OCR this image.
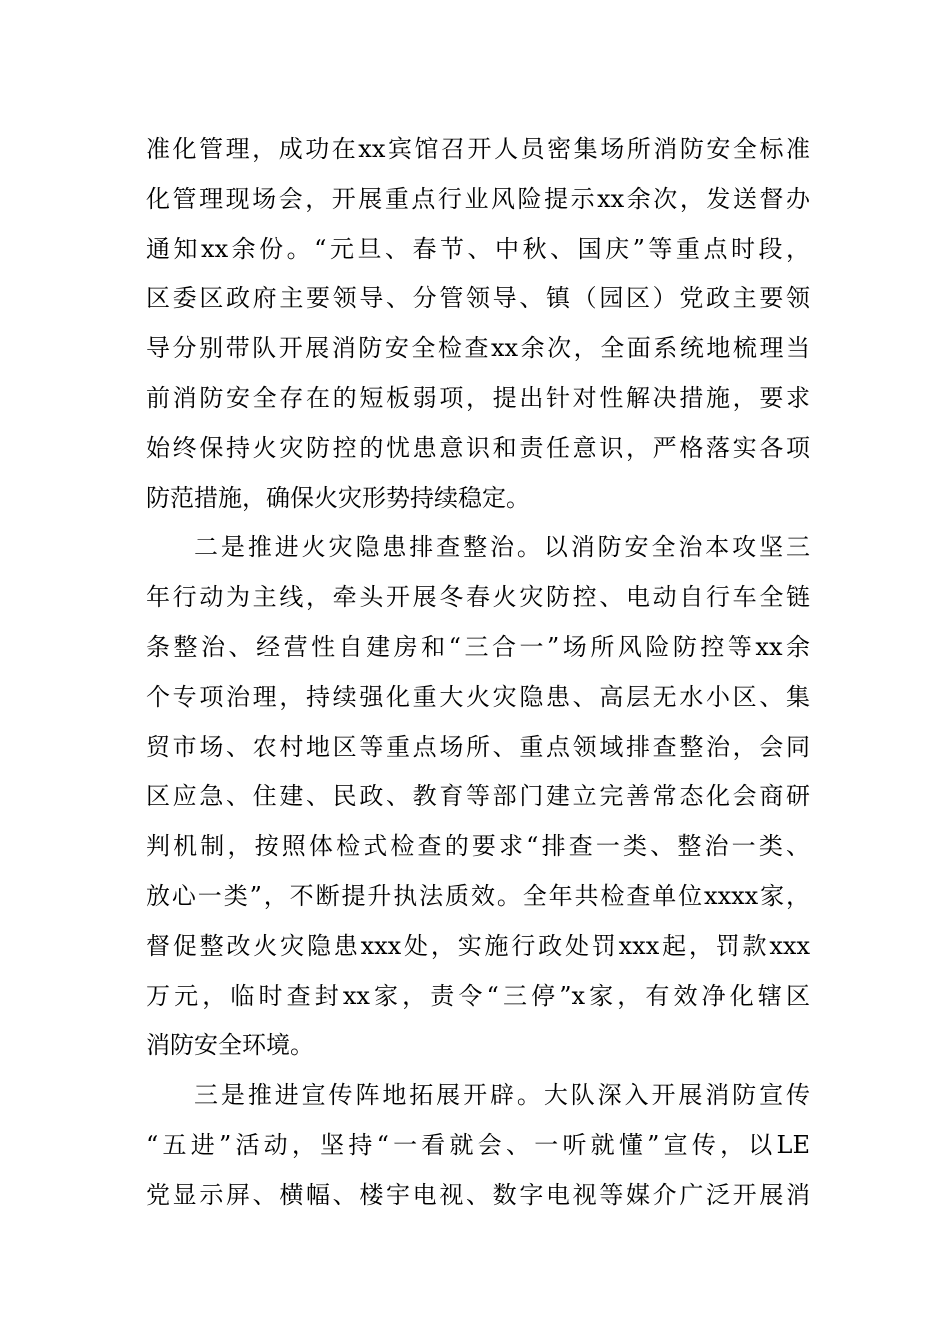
准化管理，成功在xx宾馆召开人员密集场所消防安全标准
化管理现场会，开展重点行业风险提示xx余次，发送督办
通知xx余份。“元旦、春节、中秋、国庆”等重点时段，
区委区政府主要领导、分管领导、镇（园区）党政主要领
导分别带队开展消防安全检查xx余次，全面系统地梳理当
前消防安全存在的短板弱项，提出针对性解决措施，要求
始终保持火灾防控的忧患意识和责任意识，严格落实各项
防范措施，确保火灾形势持续稳定。
二是推进火灾隐患排查整治。以消防安全治本攻坚三
年行动为主线，牵头开展冬春火灾防控、电动自行车全链
条整治、经营性自建房和“三合一”场所风险防控等xx余
个专项治理，持续强化重大火灾隐患、高层无水小区、集
贸市场、农村地区等重点场所、重点领域排查整治，会同
区应急、住建、民政、教育等部门建立完善常态化会商研
判机制，按照体检式检查的要求“排查一类、整治一类、
放心一类”，不断提升执法质效。全年共检查单位xxxx家，
督促整改火灾隐患xxx处，实施行政处罚xxx起，罚款xxx
万元，临时查封xx家，责令“三停”x家，有效净化辖区
消防安全环境。
三是推进宣传阵地拓展开辟。大队深入开展消防宣传
“五进”活动，坚持“一看就会、一听就懂”宣传，以LE
党显示屏、横幅、楼宇电视、数字电视等媒介广泛开展消
